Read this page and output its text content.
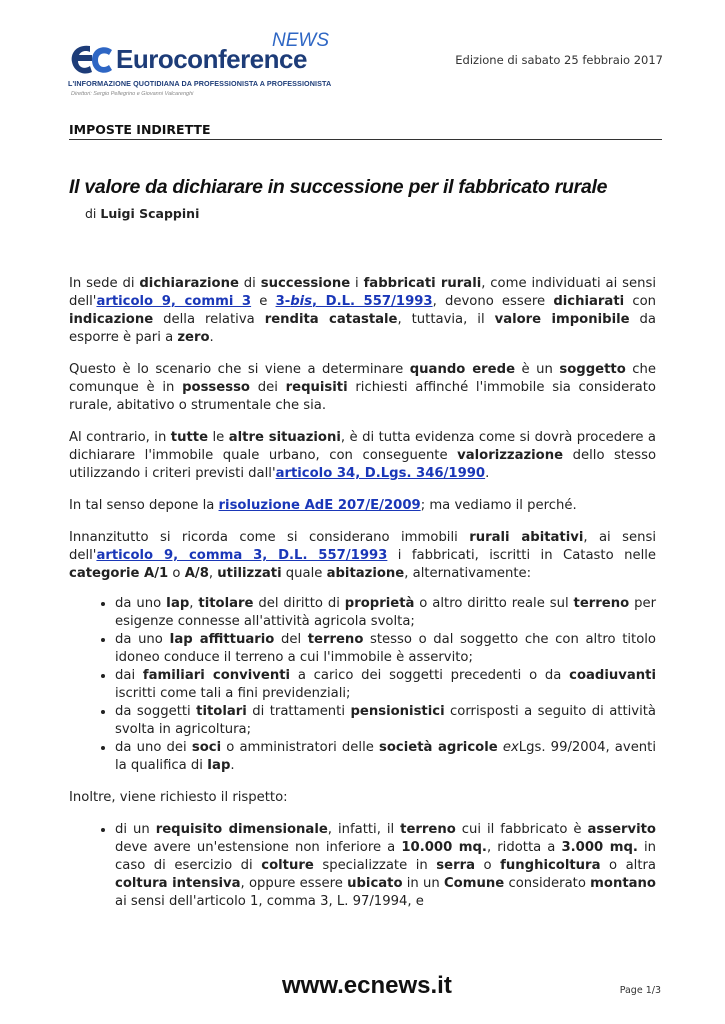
Euroconference
NEWS
L'INFORMAZIONE QUOTIDIANA DA PROFESSIONISTA A PROFESSIONISTA
Direttori: Sergio Pellegrino e Giovanni Valcarenghi
Edizione di sabato 25 febbraio 2017
IMPOSTE INDIRETTE
Il valore da dichiarare in successione per il fabbricato rurale
di Luigi Scappini

In sede di dichiarazione di successione i fabbricati rurali, come individuati ai sensi dell'articolo 9, commi 3 e 3-bis, D.L. 557/1993, devono essere dichiarati con indicazione della relativa rendita catastale, tuttavia, il valore imponibile da esporre è pari a zero.

Questo è lo scenario che si viene a determinare quando erede è un soggetto che comunque è in possesso dei requisiti richiesti affinché l'immobile sia considerato rurale, abitativo o strumentale che sia.

Al contrario, in tutte le altre situazioni, è di tutta evidenza come si dovrà procedere a dichiarare l'immobile quale urbano, con conseguente valorizzazione dello stesso utilizzando i criteri previsti dall'articolo 34, D.Lgs. 346/1990.

In tal senso depone la risoluzione AdE 207/E/2009; ma vediamo il perché.

Innanzitutto si ricorda come si considerano immobili rurali abitativi, ai sensi dell'articolo 9, comma 3, D.L. 557/1993 i fabbricati, iscritti in Catasto nelle categorie A/1 o A/8, utilizzati quale abitazione, alternativamente:

• da uno Iap, titolare del diritto di proprietà o altro diritto reale sul terreno per esigenze connesse all'attività agricola svolta;
• da uno Iap affittuario del terreno stesso o dal soggetto che con altro titolo idoneo conduce il terreno a cui l'immobile è asservito;
• dai familiari conviventi a carico dei soggetti precedenti o da coadiuvanti iscritti come tali a fini previdenziali;
• da soggetti titolari di trattamenti pensionistici corrisposti a seguito di attività svolta in agricoltura;
• da uno dei soci o amministratori delle società agricole exLgs. 99/2004, aventi la qualifica di Iap.

Inoltre, viene richiesto il rispetto:

• di un requisito dimensionale, infatti, il terreno cui il fabbricato è asservito deve avere un'estensione non inferiore a 10.000 mq., ridotta a 3.000 mq. in caso di esercizio di colture specializzate in serra o funghicoltura o altra coltura intensiva, oppure essere ubicato in un Comune considerato montano ai sensi dell'articolo 1, comma 3, L. 97/1994, e
www.ecnews.it	Page 1/3
